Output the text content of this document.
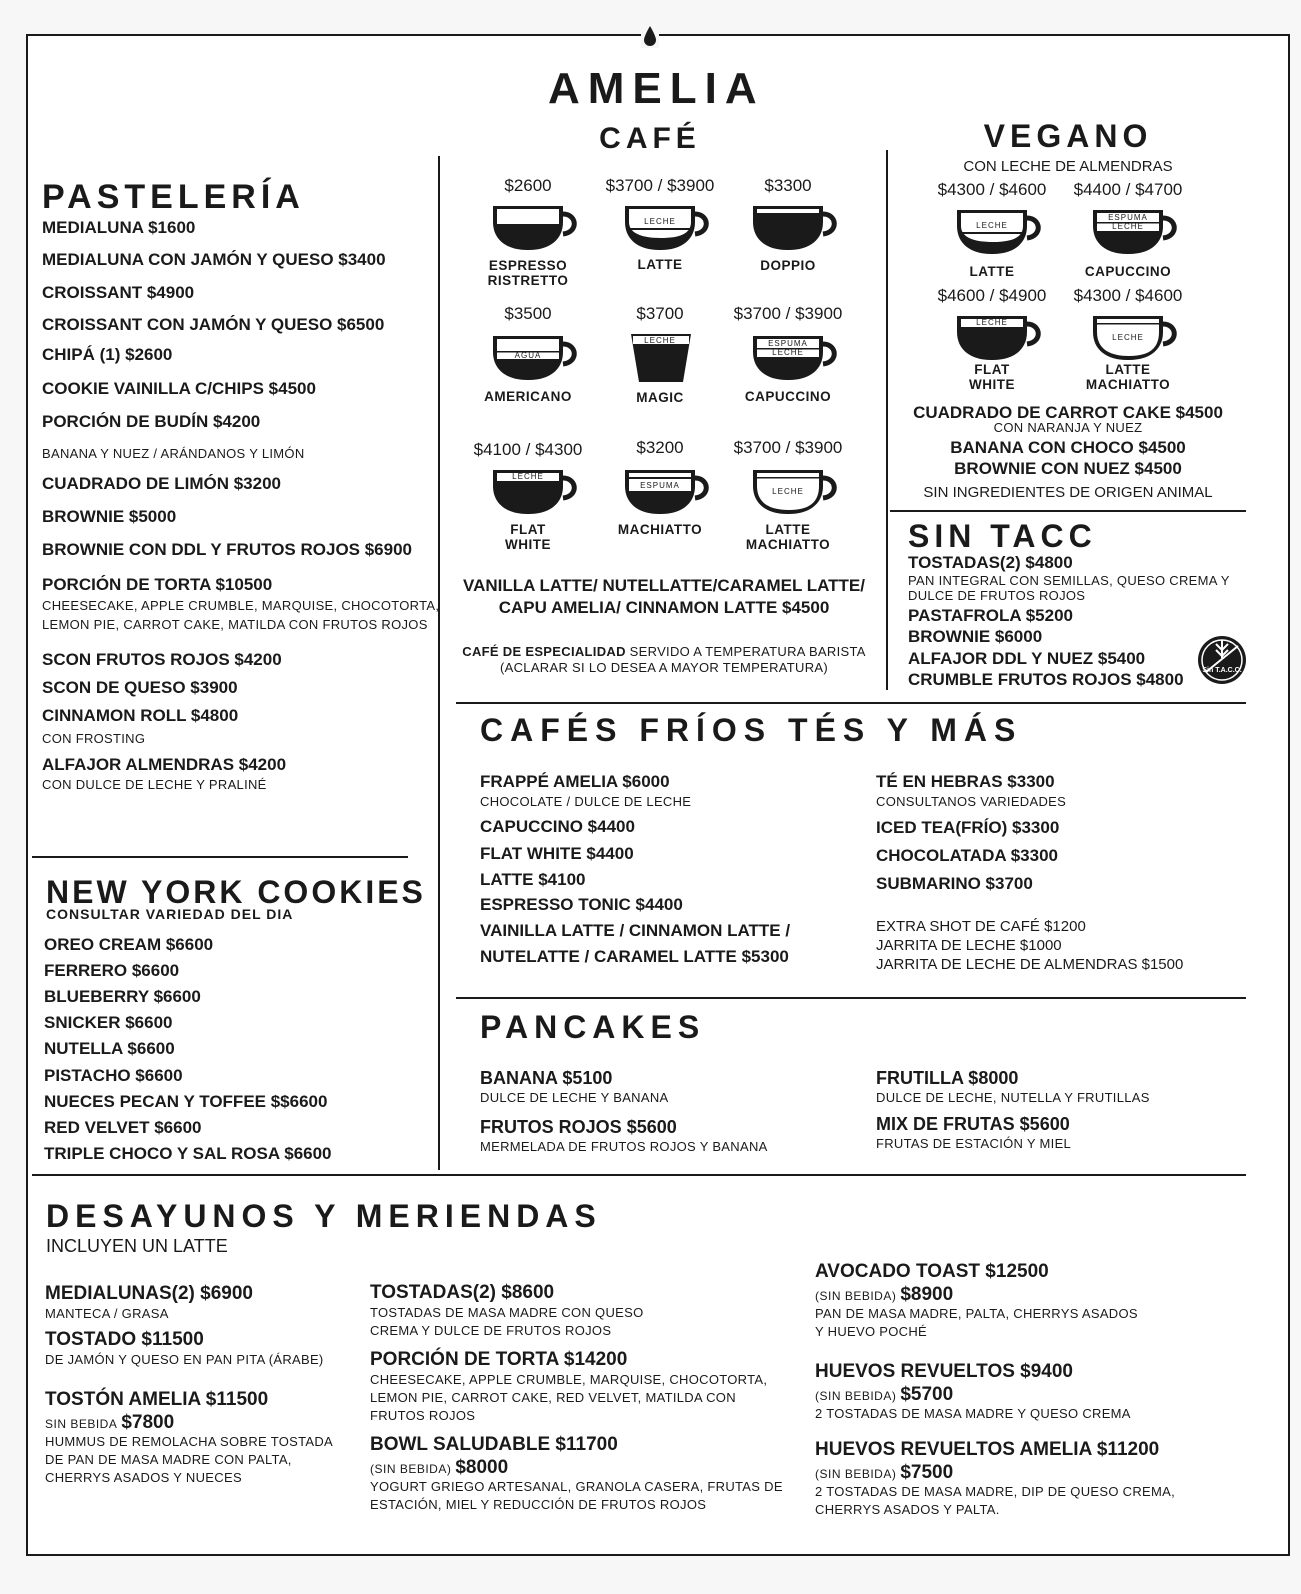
AMELIA
CAFÉ
PASTELERÍA
MEDIALUNA $1600
MEDIALUNA CON JAMÓN Y QUESO $3400
CROISSANT $4900
CROISSANT CON JAMÓN Y QUESO $6500
CHIPÁ (1) $2600
COOKIE VAINILLA C/CHIPS $4500
PORCIÓN DE BUDÍN $4200
BANANA Y NUEZ / ARÁNDANOS Y LIMÓN
CUADRADO DE LIMÓN $3200
BROWNIE $5000
BROWNIE CON DDL Y FRUTOS ROJOS $6900
PORCIÓN DE TORTA $10500
CHEESECAKE, APPLE CRUMBLE, MARQUISE, CHOCOTORTA,
LEMON PIE, CARROT CAKE, MATILDA CON FRUTOS ROJOS
SCON FRUTOS ROJOS $4200
SCON DE QUESO $3900
CINNAMON ROLL $4800
CON FROSTING
ALFAJOR ALMENDRAS $4200
CON DULCE DE LECHE Y PRALINÉ
$2600
ESPRESSO
RISTRETTO
$3700 / $3900
LECHE
LATTE
$3300
DOPPIO
$3500
AGUA
AMERICANO
$3700
LECHE
MAGIC
$3700 / $3900
ESPUMA
LECHE
CAPUCCINO
$4100 / $4300
LECHE
FLAT
WHITE
$3200
ESPUMA
MACHIATTO
$3700 / $3900
LECHE
LATTE
MACHIATTO
VANILLA LATTE/ NUTELLATTE/CARAMEL LATTE/
CAPU AMELIA/ CINNAMON LATTE $4500
CAFÉ DE ESPECIALIDAD SERVIDO A TEMPERATURA BARISTA
(ACLARAR SI LO DESEA A MAYOR TEMPERATURA)
VEGANO
CON LECHE DE ALMENDRAS
$4300 / $4600
LECHE
LATTE
$4400 / $4700
ESPUMA
LECHE
CAPUCCINO
$4600 / $4900
LECHE
FLAT
WHITE
$4300 / $4600
LECHE
LATTE
MACHIATTO
CUADRADO DE CARROT CAKE $4500
CON NARANJA Y NUEZ
BANANA CON CHOCO $4500
BROWNIE CON NUEZ $4500
SIN INGREDIENTES DE ORIGEN ANIMAL
SIN TACC
TOSTADAS(2) $4800
PAN INTEGRAL CON SEMILLAS, QUESO CREMA Y
DULCE DE FRUTOS ROJOS
PASTAFROLA $5200
BROWNIE $6000
ALFAJOR DDL Y NUEZ $5400
CRUMBLE FRUTOS ROJOS $4800	Sin T.A.C.C.
CAFÉS FRÍOS TÉS Y MÁS
FRAPPÉ AMELIA $6000
CHOCOLATE / DULCE DE LECHE
CAPUCCINO $4400
FLAT WHITE $4400
LATTE $4100
ESPRESSO TONIC $4400
VAINILLA LATTE / CINNAMON LATTE /
NUTELATTE / CARAMEL LATTE $5300
TÉ EN HEBRAS $3300
CONSULTANOS VARIEDADES
ICED TEA(FRÍO) $3300
CHOCOLATADA $3300
SUBMARINO $3700
EXTRA SHOT DE CAFÉ $1200
JARRITA DE LECHE $1000
JARRITA DE LECHE DE ALMENDRAS $1500
NEW YORK COOKIES
CONSULTAR VARIEDAD DEL DIA
OREO CREAM $6600
FERRERO $6600
BLUEBERRY $6600
SNICKER $6600
NUTELLA $6600
PISTACHO $6600
NUECES PECAN Y TOFFEE $$6600
RED VELVET $6600
TRIPLE CHOCO Y SAL ROSA $6600
PANCAKES
BANANA $5100
DULCE DE LECHE Y BANANA
FRUTOS ROJOS $5600
MERMELADA DE FRUTOS ROJOS Y BANANA
FRUTILLA $8000
DULCE DE LECHE, NUTELLA Y FRUTILLAS
MIX DE FRUTAS $5600
FRUTAS DE ESTACIÓN Y MIEL
DESAYUNOS Y MERIENDAS
INCLUYEN UN LATTE
MEDIALUNAS(2) $6900
MANTECA / GRASA
TOSTADO $11500
DE JAMÓN Y QUESO EN PAN PITA (ÁRABE)
TOSTÓN AMELIA $11500
SIN BEBIDA $7800
HUMMUS DE REMOLACHA SOBRE TOSTADA
DE PAN DE MASA MADRE CON PALTA,
CHERRYS ASADOS Y NUECES
TOSTADAS(2) $8600
TOSTADAS DE MASA MADRE CON QUESO
CREMA Y DULCE DE FRUTOS ROJOS
PORCIÓN DE TORTA $14200
CHEESECAKE, APPLE CRUMBLE, MARQUISE, CHOCOTORTA,
LEMON PIE, CARROT CAKE, RED VELVET, MATILDA CON
FRUTOS ROJOS
BOWL SALUDABLE $11700
(SIN BEBIDA) $8000
YOGURT GRIEGO ARTESANAL, GRANOLA CASERA, FRUTAS DE
ESTACIÓN, MIEL Y REDUCCIÓN DE FRUTOS ROJOS
AVOCADO TOAST $12500
(SIN BEBIDA) $8900
PAN DE MASA MADRE, PALTA, CHERRYS ASADOS
Y HUEVO POCHÉ
HUEVOS REVUELTOS $9400
(SIN BEBIDA) $5700
2 TOSTADAS DE MASA MADRE Y QUESO CREMA
HUEVOS REVUELTOS AMELIA $11200
(SIN BEBIDA) $7500
2 TOSTADAS DE MASA MADRE, DIP DE QUESO CREMA,
CHERRYS ASADOS Y PALTA.
